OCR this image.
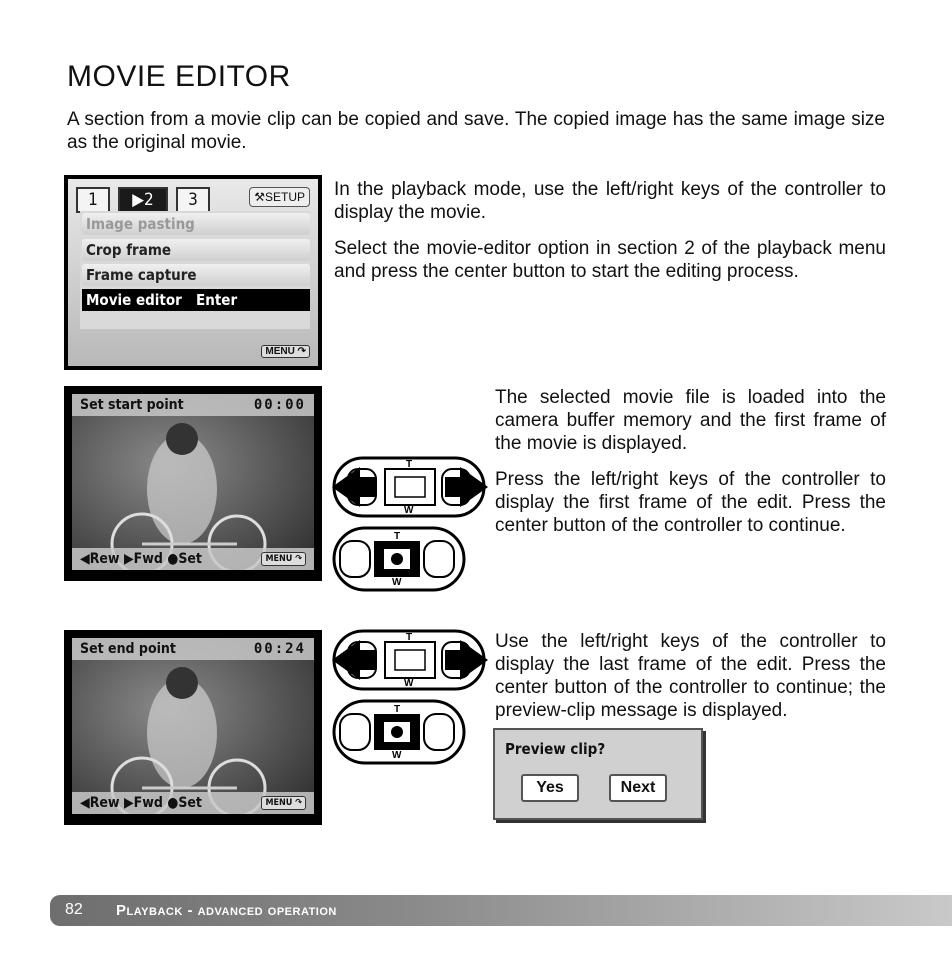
MOVIE EDITOR
A section from a movie clip can be copied and save. The copied image has the same image size as the original movie.
1	▶2	3	⚒SETUP
Image pasting
Crop frame
Frame capture
Movie editor Enter
MENU ↷

In the playback mode, use the left/right keys of the controller to display the movie.

Select the movie-editor option in section 2 of the playback menu and press the center button to start the editing process.

Set start point	00:00
◀Rew ▶Fwd ●Set	MENU ↷
T
W
T
W

The selected movie file is loaded into the camera buffer memory and the first frame of the movie is displayed.

Press the left/right keys of the controller to display the first frame of the edit. Press the center button of the controller to continue.

Set end point	00:24
◀Rew ▶Fwd ●Set	MENU ↷
T
W
T
W

Use the left/right keys of the controller to display the last frame of the edit. Press the center button of the controller to continue; the preview-clip message is displayed.

Preview clip?
Yes	Next
82 Playback - advanced operation
